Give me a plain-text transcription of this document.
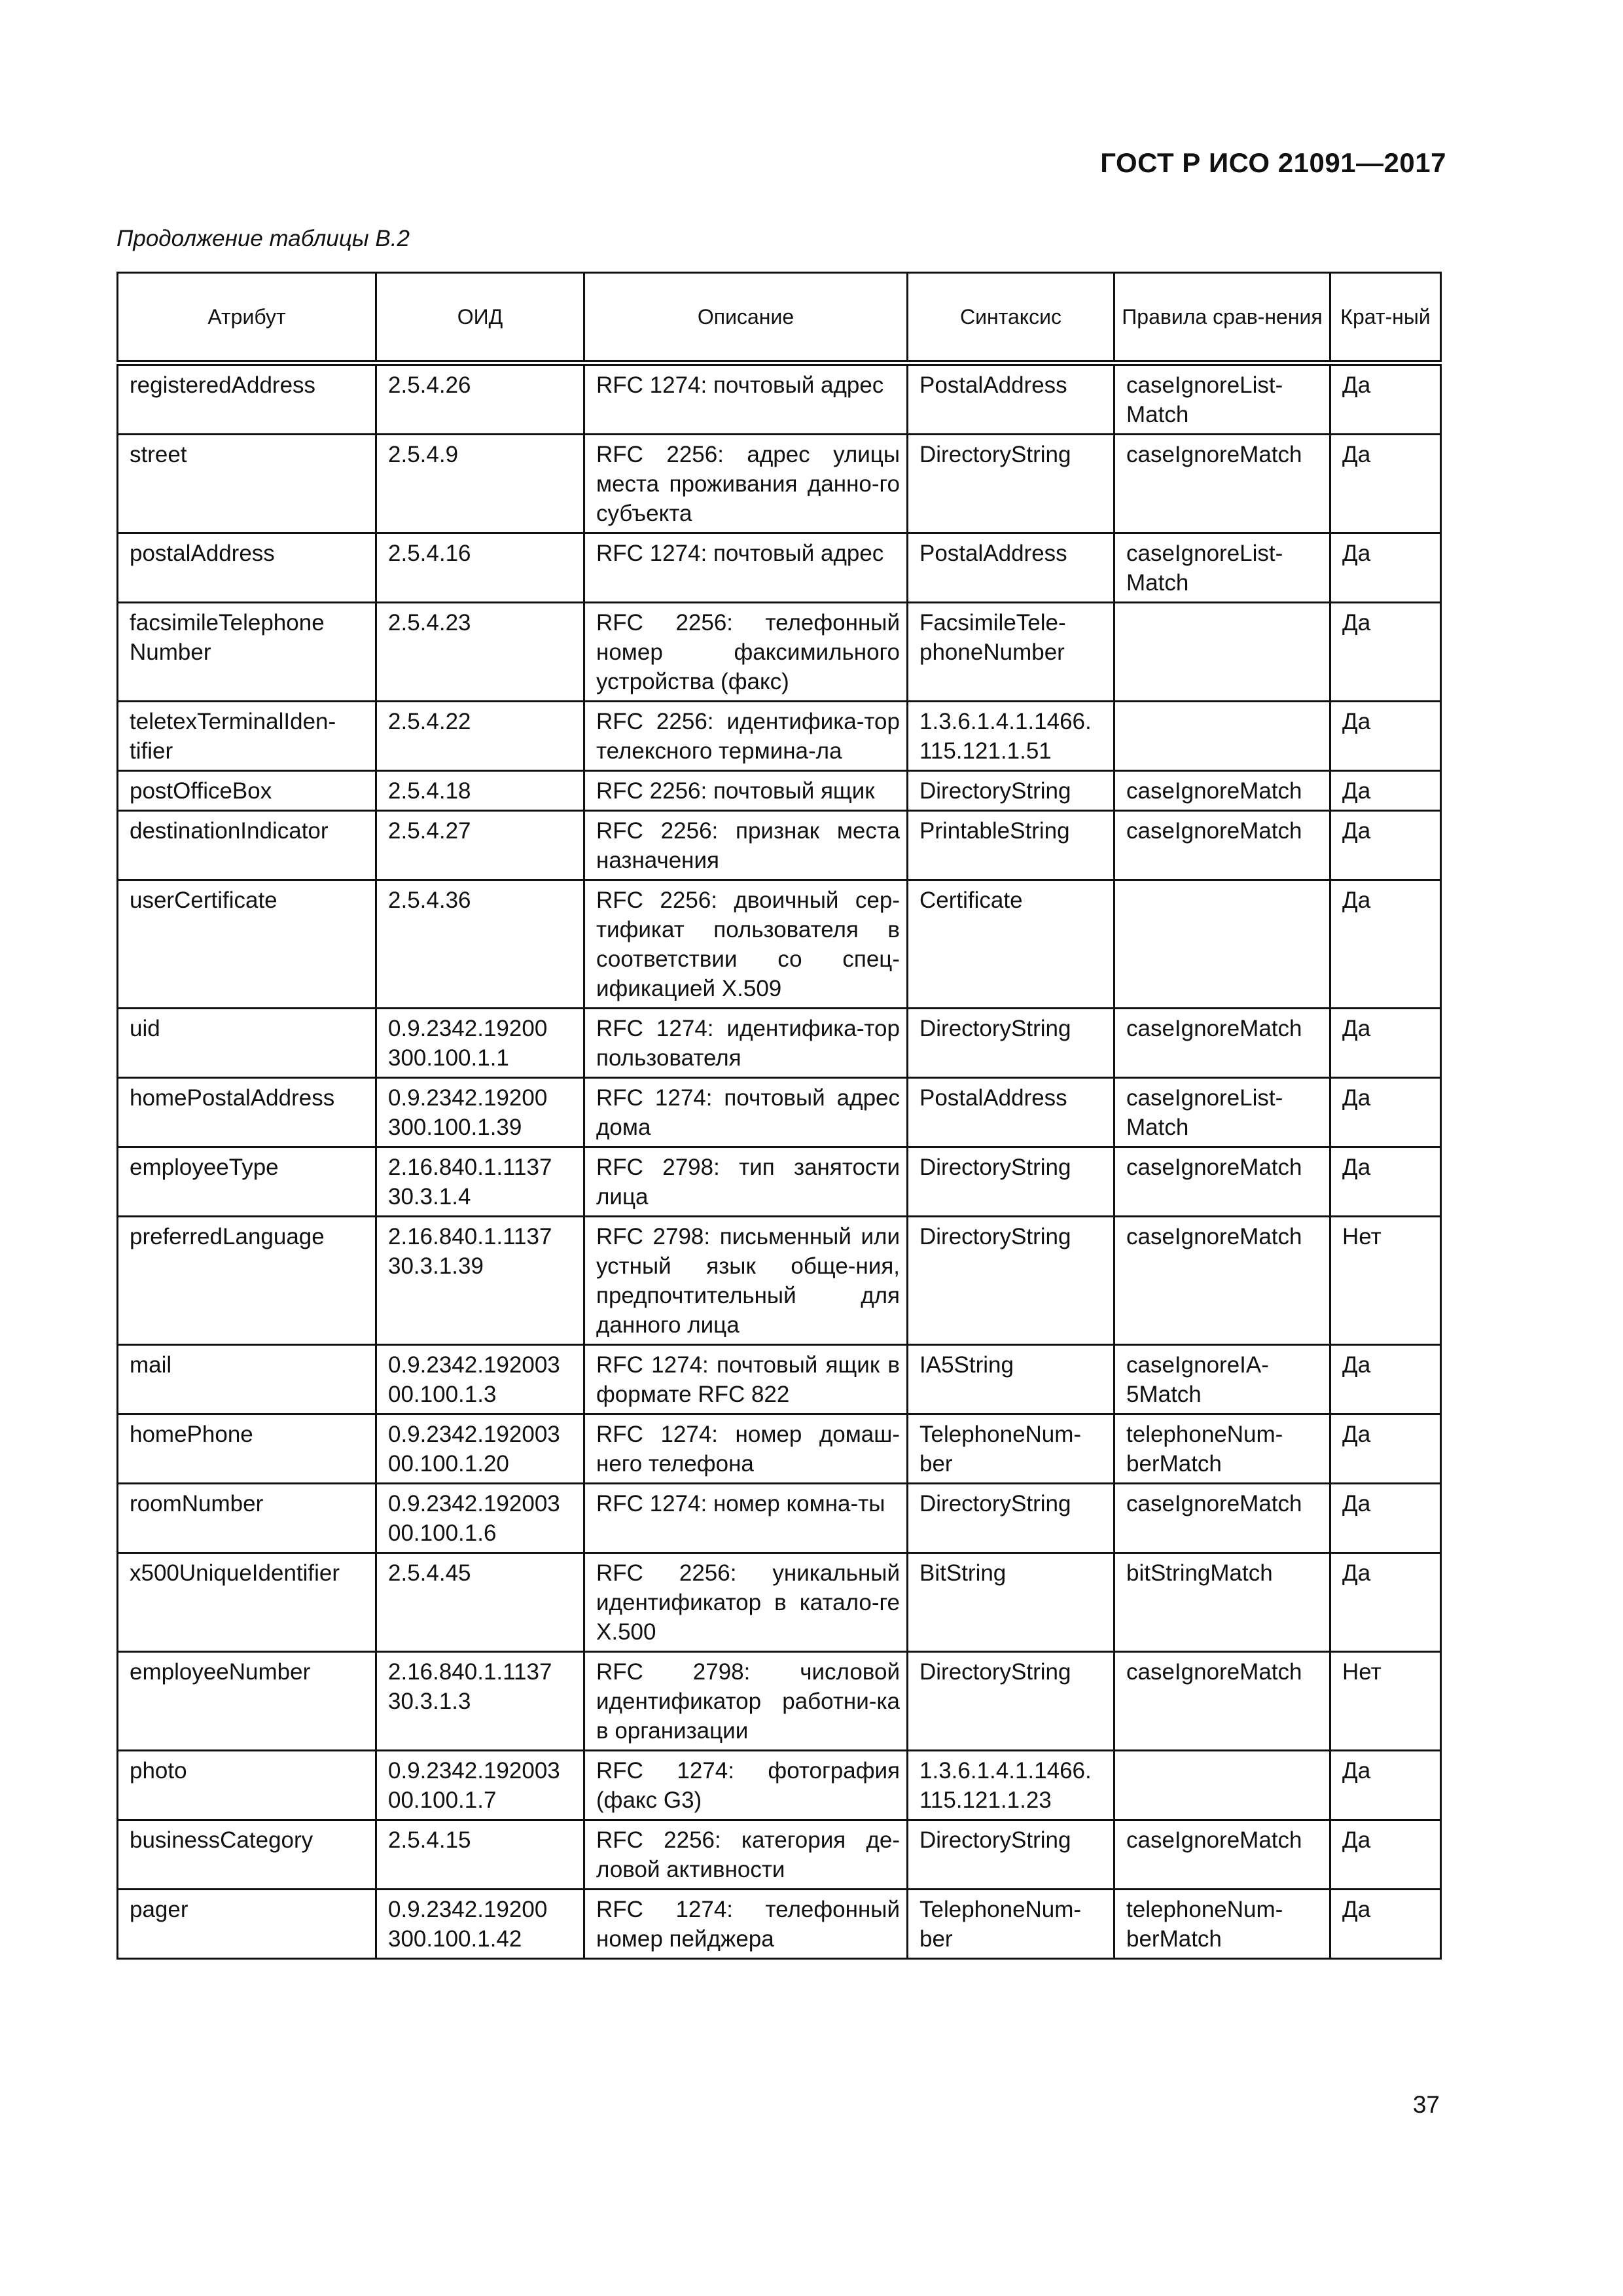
ГОСТ Р ИСО 21091—2017
Продолжение таблицы В.2
Атрибут	ОИД	Описание	Синтаксис	Правила срав-нения	Крат-ный
registeredAddress	2.5.4.26	RFC 1274: почтовый адрес	PostalAddress	caseIgnoreList-Match	Да
street	2.5.4.9	RFC 2256: адрес улицы места проживания данно-го субъекта	DirectoryString	caseIgnoreMatch	Да
postalAddress	2.5.4.16	RFC 1274: почтовый адрес	PostalAddress	caseIgnoreList-Match	Да
facsimileTelephone Number	2.5.4.23	RFC 2256: телефонный номер факсимильного устройства (факс)	FacsimileTele-phoneNumber		Да
teletexTerminalIden-tifier	2.5.4.22	RFC 2256: идентифика-тор телексного термина-ла	1.3.6.1.4.1.1466. 115.121.1.51		Да
postOfficeBox	2.5.4.18	RFC 2256: почтовый ящик	DirectoryString	caseIgnoreMatch	Да
destinationIndicator	2.5.4.27	RFC 2256: признак места назначения	PrintableString	caseIgnoreMatch	Да
userCertificate	2.5.4.36	RFC 2256: двоичный сер-тификат пользователя в соответствии со спец-ификацией X.509	Certificate		Да
uid	0.9.2342.19200 300.100.1.1	RFC 1274: идентифика-тор пользователя	DirectoryString	caseIgnoreMatch	Да
homePostalAddress	0.9.2342.19200 300.100.1.39	RFC 1274: почтовый адрес дома	PostalAddress	caseIgnoreList-Match	Да
employeeType	2.16.840.1.1137 30.3.1.4	RFC 2798: тип занятости лица	DirectoryString	caseIgnoreMatch	Да
preferredLanguage	2.16.840.1.1137 30.3.1.39	RFC 2798: письменный или устный язык обще-ния, предпочтительный для данного лица	DirectoryString	caseIgnoreMatch	Нет
mail	0.9.2342.192003 00.100.1.3	RFC 1274: почтовый ящик в формате RFC 822	IA5String	caseIgnoreIA-5Match	Да
homePhone	0.9.2342.192003 00.100.1.20	RFC 1274: номер домаш-него телефона	TelephoneNum-ber	telephoneNum-berMatch	Да
roomNumber	0.9.2342.192003 00.100.1.6	RFC 1274: номер комна-ты	DirectoryString	caseIgnoreMatch	Да
x500UniqueIdentifier	2.5.4.45	RFC 2256: уникальный идентификатор в катало-ге X.500	BitString	bitStringMatch	Да
employeeNumber	2.16.840.1.1137 30.3.1.3	RFC 2798: числовой идентификатор работни-ка в организации	DirectoryString	caseIgnoreMatch	Нет
photo	0.9.2342.192003 00.100.1.7	RFC 1274: фотография (факс G3)	1.3.6.1.4.1.1466. 115.121.1.23		Да
businessCategory	2.5.4.15	RFC 2256: категория де-ловой активности	DirectoryString	caseIgnoreMatch	Да
pager	0.9.2342.19200 300.100.1.42	RFC 1274: телефонный номер пейджера	TelephoneNum-ber	telephoneNum-berMatch	Да
37
